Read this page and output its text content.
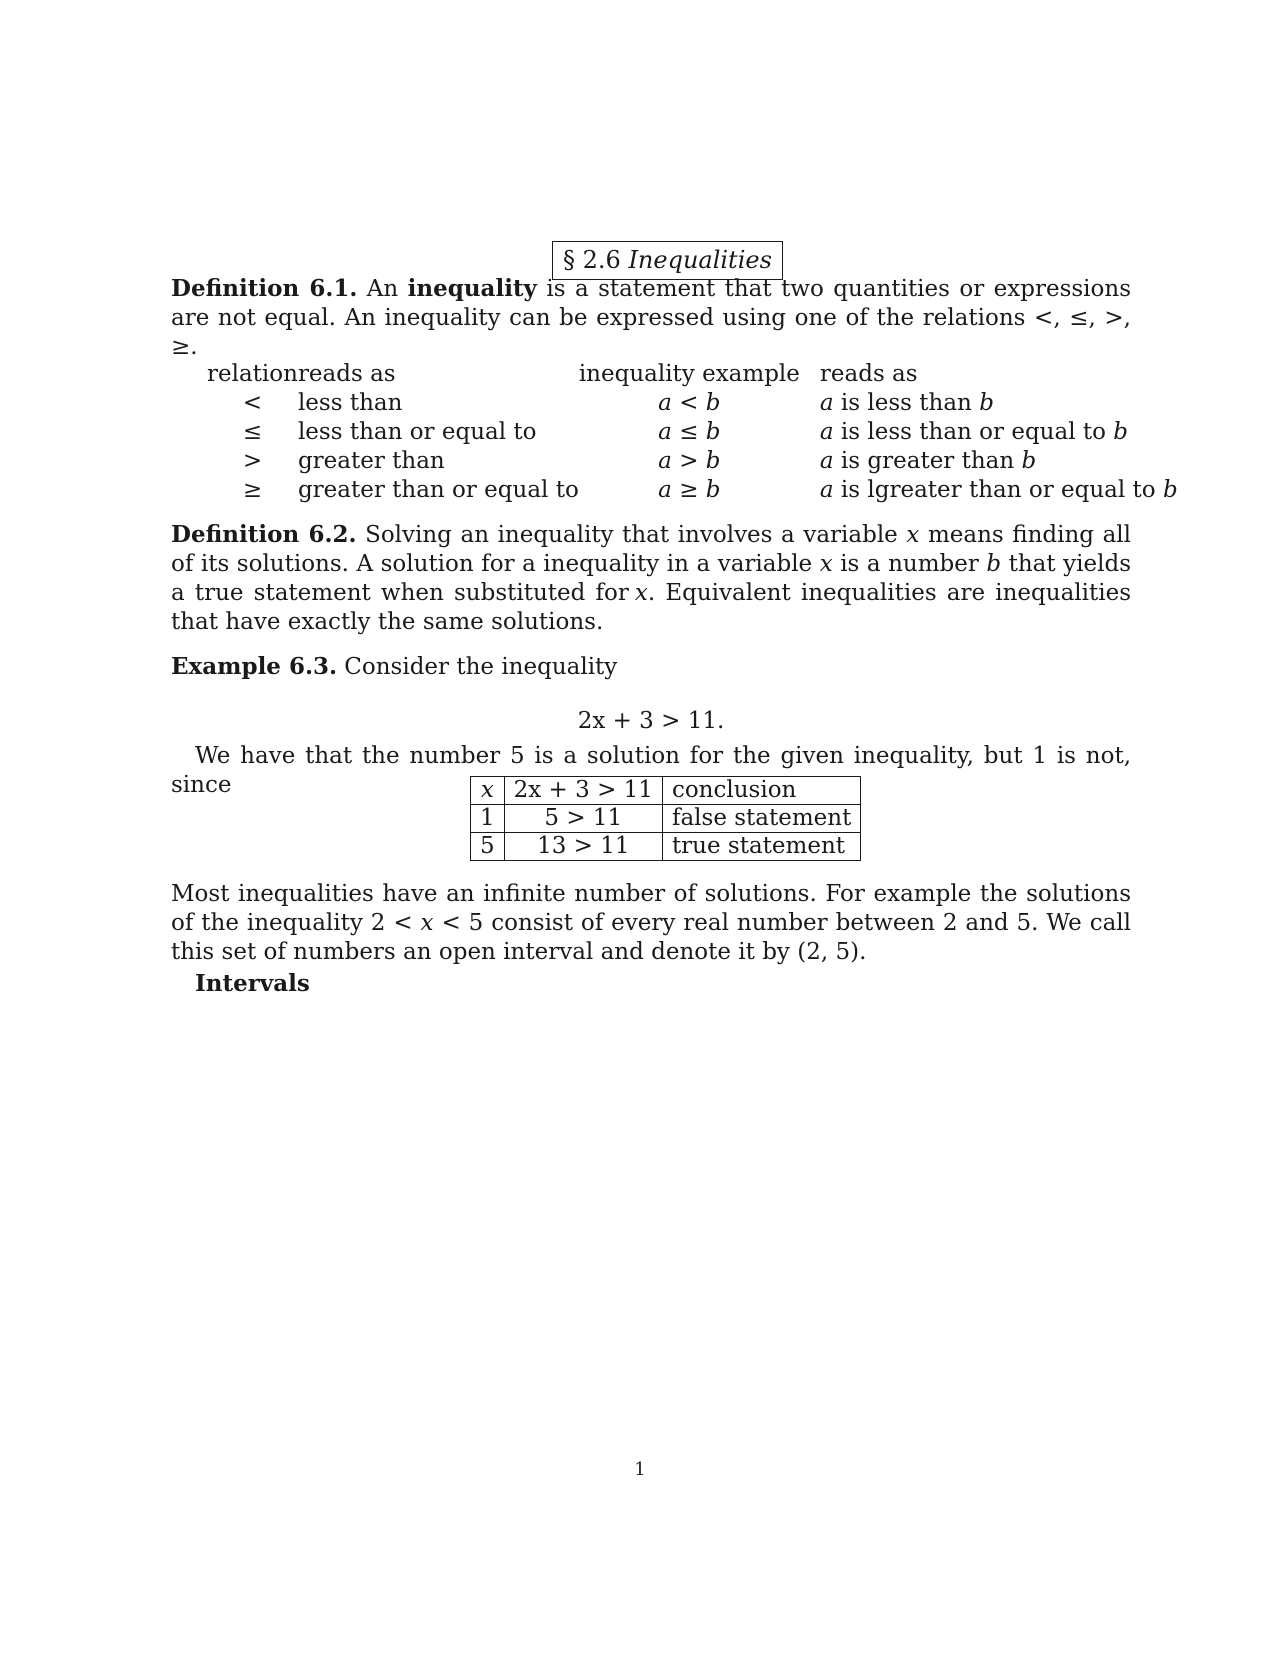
§ 2.6 Inequalities

Definition 6.1. An inequality is a statement that two quantities or expressions are not equal. An inequality can be expressed using one of the relations <, ≤, >, ≥.

relation	reads as	inequality example	reads as
<	less than	a < b	a is less than b
≤	less than or equal to	a ≤ b	a is less than or equal to b
>	greater than	a > b	a is greater than b
≥	greater than or equal to	a ≥ b	a is lgreater than or equal to b

Definition 6.2. Solving an inequality that involves a variable x means finding all of its solutions. A solution for a inequality in a variable x is a number b that yields a true statement when substituted for x. Equivalent inequalities are inequalities that have exactly the same solutions.

Example 6.3. Consider the inequality

2x + 3 > 11.

We have that the number 5 is a solution for the given inequality, but 1 is not, since	x	2x + 3 > 11	conclusion
1	5 > 11	false statement
5	13 > 11	true statement

Most inequalities have an infinite number of solutions. For example the solutions of the inequality 2 < x < 5 consist of every real number between 2 and 5. We call this set of numbers an open interval and denote it by (2, 5).

Intervals
1
